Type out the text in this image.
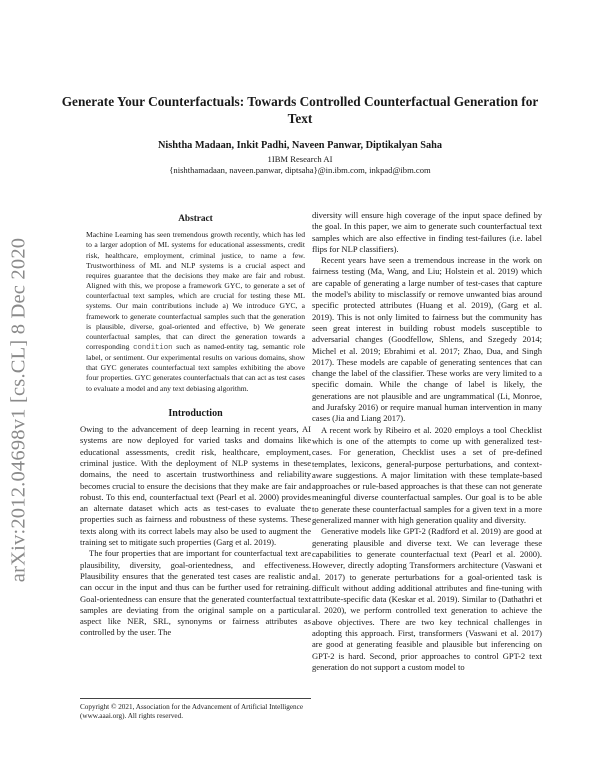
arXiv:2012.04698v1 [cs.CL] 8 Dec 2020
Generate Your Counterfactuals: Towards Controlled Counterfactual Generation for Text
Nishtha Madaan, Inkit Padhi, Naveen Panwar, Diptikalyan Saha
1IBM Research AI
{nishthamadaan, naveen.panwar, diptsaha}@in.ibm.com, inkpad@ibm.com
Abstract

Machine Learning has seen tremendous growth recently, which has led to a larger adoption of ML systems for educational assessments, credit risk, healthcare, employment, criminal justice, to name a few. Trustworthiness of ML and NLP systems is a crucial aspect and requires guarantee that the decisions they make are fair and robust. Aligned with this, we propose a framework GYC, to generate a set of counterfactual text samples, which are crucial for testing these ML systems. Our main contributions include a) We introduce GYC, a framework to generate counterfactual samples such that the generation is plausible, diverse, goal-oriented and effective, b) We generate counterfactual samples, that can direct the generation towards a corresponding condition such as named-entity tag, semantic role label, or sentiment. Our experimental results on various domains, show that GYC generates counterfactual text samples exhibiting the above four properties. GYC generates counterfactuals that can act as test cases to evaluate a model and any text debiasing algorithm.

Introduction

Owing to the advancement of deep learning in recent years, AI systems are now deployed for varied tasks and domains like educational assessments, credit risk, healthcare, employment, criminal justice. With the deployment of NLP systems in these domains, the need to ascertain trustworthiness and reliability becomes crucial to ensure the decisions that they make are fair and robust. To this end, counterfactual text (Pearl et al. 2000) provides an alternate dataset which acts as test-cases to evaluate the properties such as fairness and robustness of these systems. These texts along with its correct labels may also be used to augment the training set to mitigate such properties (Garg et al. 2019).

The four properties that are important for counterfactual text are plausibility, diversity, goal-orientedness, and effectiveness. Plausibility ensures that the generated test cases are realistic and can occur in the input and thus can be further used for retraining. Goal-orientedness can ensure that the generated counterfactual text samples are deviating from the original sample on a particular aspect like NER, SRL, synonyms or fairness attributes as controlled by the user. The

diversity will ensure high coverage of the input space defined by the goal. In this paper, we aim to generate such counterfactual text samples which are also effective in finding test-failures (i.e. label flips for NLP classifiers).

Recent years have seen a tremendous increase in the work on fairness testing (Ma, Wang, and Liu; Holstein et al. 2019) which are capable of generating a large number of test-cases that capture the model's ability to misclassify or remove unwanted bias around specific protected attributes (Huang et al. 2019), (Garg et al. 2019). This is not only limited to fairness but the community has seen great interest in building robust models susceptible to adversarial changes (Goodfellow, Shlens, and Szegedy 2014; Michel et al. 2019; Ebrahimi et al. 2017; Zhao, Dua, and Singh 2017). These models are capable of generating sentences that can change the label of the classifier. These works are very limited to a specific domain. While the change of label is likely, the generations are not plausible and are ungrammatical (Li, Monroe, and Jurafsky 2016) or require manual human intervention in many cases (Jia and Liang 2017).

A recent work by Ribeiro et al. 2020 employs a tool Checklist which is one of the attempts to come up with generalized test-cases. For generation, Checklist uses a set of pre-defined templates, lexicons, general-purpose perturbations, and context-aware suggestions. A major limitation with these template-based approaches or rule-based approaches is that these can not generate meaningful diverse counterfactual samples. Our goal is to be able to generate these counterfactual samples for a given text in a more generalized manner with high generation quality and diversity.

Generative models like GPT-2 (Radford et al. 2019) are good at generating plausible and diverse text. We can leverage these capabilities to generate counterfactual text (Pearl et al. 2000). However, directly adopting Transformers architecture (Vaswani et al. 2017) to generate perturbations for a goal-oriented task is difficult without adding additional attributes and fine-tuning with attribute-specific data (Keskar et al. 2019). Similar to (Dathathri et al. 2020), we perform controlled text generation to achieve the above objectives. There are two key technical challenges in adopting this approach. First, transformers (Vaswani et al. 2017) are good at generating feasible and plausible but inferencing on GPT-2 is hard. Second, prior approaches to control GPT-2 text generation do not support a custom model to

Copyright © 2021, Association for the Advancement of Artificial Intelligence (www.aaai.org). All rights reserved.
